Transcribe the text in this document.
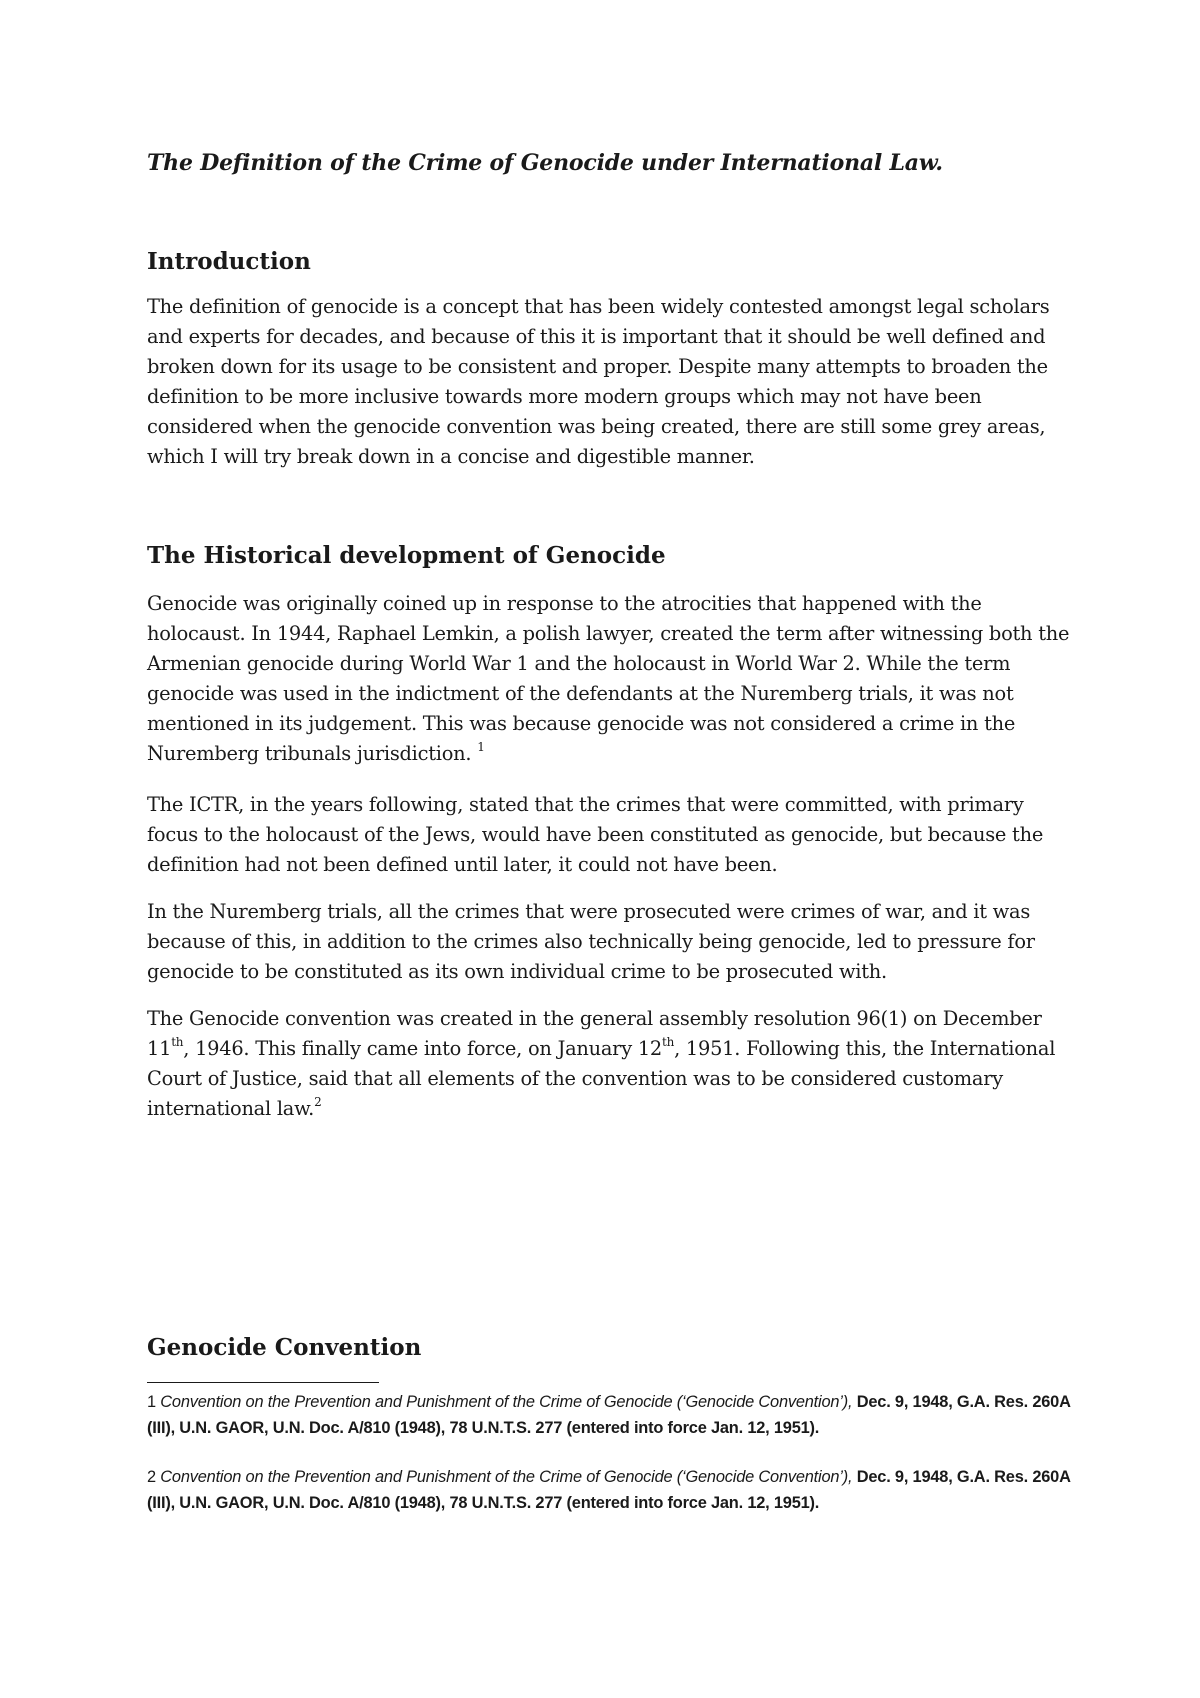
The Definition of the Crime of Genocide under International Law.
Introduction

The definition of genocide is a concept that has been widely contested amongst legal scholars and experts for decades, and because of this it is important that it should be well defined and broken down for its usage to be consistent and proper. Despite many attempts to broaden the definition to be more inclusive towards more modern groups which may not have been considered when the genocide convention was being created, there are still some grey areas, which I will try break down in a concise and digestible manner.

The Historical development of Genocide

Genocide was originally coined up in response to the atrocities that happened with the holocaust. In 1944, Raphael Lemkin, a polish lawyer, created the term after witnessing both the Armenian genocide during World War 1 and the holocaust in World War 2. While the term genocide was used in the indictment of the defendants at the Nuremberg trials, it was not mentioned in its judgement. This was because genocide was not considered a crime in the Nuremberg tribunals jurisdiction. $^1$

The ICTR, in the years following, stated that the crimes that were committed, with primary focus to the holocaust of the Jews, would have been constituted as genocide, but because the definition had not been defined until later, it could not have been.

In the Nuremberg trials, all the crimes that were prosecuted were crimes of war, and it was because of this, in addition to the crimes also technically being genocide, led to pressure for genocide to be constituted as its own individual crime to be prosecuted with.

The Genocide convention was created in the general assembly resolution 96(1) on December 11th, 1946. This finally came into force, on January 12th, 1951. Following this, the International Court of Justice, said that all elements of the convention was to be considered customary international law.$^2$

Genocide Convention

1 Convention on the Prevention and Punishment of the Crime of Genocide (‘Genocide Convention’), Dec. 9, 1948, G.A. Res. 260A (III), U.N. GAOR, U.N. Doc. A/810 (1948), 78 U.N.T.S. 277 (entered into force Jan. 12, 1951).

2 Convention on the Prevention and Punishment of the Crime of Genocide (‘Genocide Convention’), Dec. 9, 1948, G.A. Res. 260A (III), U.N. GAOR, U.N. Doc. A/810 (1948), 78 U.N.T.S. 277 (entered into force Jan. 12, 1951).
